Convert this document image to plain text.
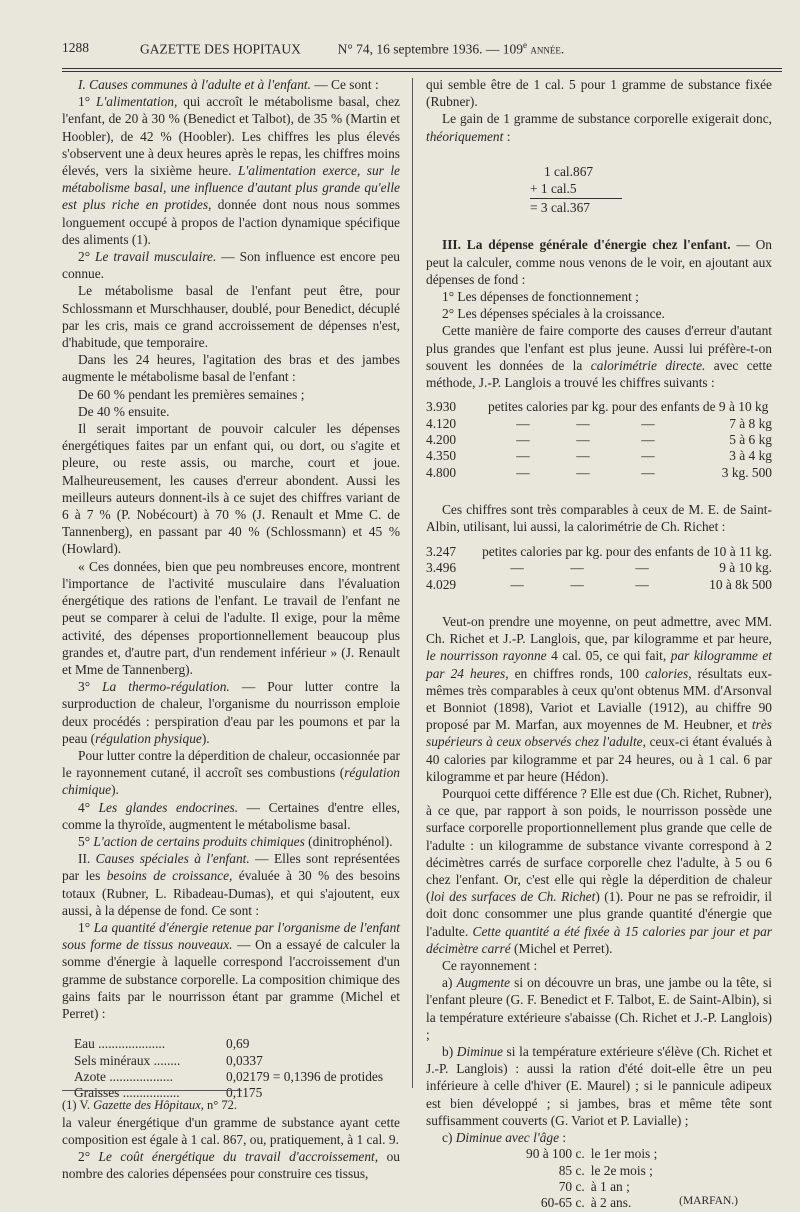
1288	GAZETTE DES HOPITAUX	N° 74, 16 septembre 1936. — 109e année.

I. Causes communes à l'adulte et à l'enfant. — Ce sont :

1° L'alimentation, qui accroît le métabolisme basal, chez l'enfant, de 20 à 30 % (Benedict et Talbot), de 35 % (Martin et Hoobler), de 42 % (Hoobler). Les chiffres les plus élevés s'observent une à deux heures après le repas, les chiffres moins élevés, vers la sixième heure. L'alimentation exerce, sur le métabolisme basal, une influence d'autant plus grande qu'elle est plus riche en protides, donnée dont nous nous sommes longuement occupé à propos de l'action dynamique spécifique des aliments (1).

2° Le travail musculaire. — Son influence est encore peu connue.

Le métabolisme basal de l'enfant peut être, pour Schlossmann et Murschhauser, doublé, pour Benedict, décuplé par les cris, mais ce grand accroissement de dépenses n'est, d'habitude, que temporaire.

Dans les 24 heures, l'agitation des bras et des jambes augmente le métabolisme basal de l'enfant :

De 60 % pendant les premières semaines ;

De 40 % ensuite.

Il serait important de pouvoir calculer les dépenses énergétiques faites par un enfant qui, ou dort, ou s'agite et pleure, ou reste assis, ou marche, court et joue. Malheureusement, les causes d'erreur abondent. Aussi les meilleurs auteurs donnent-ils à ce sujet des chiffres variant de 6 à 7 % (P. Nobécourt) à 70 % (J. Renault et Mme C. de Tannenberg), en passant par 40 % (Schlossmann) et 45 % (Howlard).

« Ces données, bien que peu nombreuses encore, montrent l'importance de l'activité musculaire dans l'évaluation énergétique des rations de l'enfant. Le travail de l'enfant ne peut se comparer à celui de l'adulte. Il exige, pour la même activité, des dépenses proportionnellement beaucoup plus grandes et, d'autre part, d'un rendement inférieur » (J. Renault et Mme de Tannenberg).

3° La thermo-régulation. — Pour lutter contre la surproduction de chaleur, l'organisme du nourrisson emploie deux procédés : perspiration d'eau par les poumons et par la peau (régulation physique).

Pour lutter contre la déperdition de chaleur, occasionnée par le rayonnement cutané, il accroît ses combustions (régulation chimique).

4° Les glandes endocrines. — Certaines d'entre elles, comme la thyroïde, augmentent le métabolisme basal.

5° L'action de certains produits chimiques (dinitrophénol).

II. Causes spéciales à l'enfant. — Elles sont représentées par les besoins de croissance, évaluée à 30 % des besoins totaux (Rubner, L. Ribadeau-Dumas), et qui s'ajoutent, eux aussi, à la dépense de fond. Ce sont :

1° La quantité d'énergie retenue par l'organisme de l'enfant sous forme de tissus nouveaux. — On a essayé de calculer la somme d'énergie à laquelle correspond l'accroissement d'un gramme de substance corporelle. La composition chimique des gains faits par le nourrisson étant par gramme (Michel et Perret) :

Eau ....................	0,69
Sels minéraux ........	0,0337
Azote ...................	0,02179 = 0,1396 de protides
Graisses .................	0,1175

la valeur énergétique d'un gramme de substance ayant cette composition est égale à 1 cal. 867, ou, pratiquement, à 1 cal. 9.

2° Le coût énergétique du travail d'accroissement, ou nombre des calories dépensées pour construire ces tissus,

(1) V. Gazette des Hôpitaux, n° 72.

qui semble être de 1 cal. 5 pour 1 gramme de substance fixée (Rubner).

Le gain de 1 gramme de substance corporelle exigerait donc, théoriquement :

1 cal.867
+ 1 cal.5
= 3 cal.367

III. La dépense générale d'énergie chez l'enfant. — On peut la calculer, comme nous venons de le voir, en ajoutant aux dépenses de fond :

1° Les dépenses de fonctionnement ;

2° Les dépenses spéciales à la croissance.

Cette manière de faire comporte des causes d'erreur d'autant plus grandes que l'enfant est plus jeune. Aussi lui préfère-t-on souvent les données de la calorimétrie directe. avec cette méthode, J.-P. Langlois a trouvé les chiffres suivants :

3.930	petites calories par kg. pour des enfants de 9 à 10 kg			
4.120	—	—	—	7 à 8 kg
4.200	—	—	—	5 à 6 kg
4.350	—	—	—	3 à 4 kg
4.800	—	—	—	3 kg. 500

Ces chiffres sont très comparables à ceux de M. E. de Saint-Albin, utilisant, lui aussi, la calorimétrie de Ch. Richet :

3.247	petites calories par kg. pour des enfants de 10 à 11 kg.			
3.496	—	—	—	9 à 10 kg.
4.029	—	—	—	10 à 8k 500

Veut-on prendre une moyenne, on peut admettre, avec MM. Ch. Richet et J.-P. Langlois, que, par kilogramme et par heure, le nourrisson rayonne 4 cal. 05, ce qui fait, par kilogramme et par 24 heures, en chiffres ronds, 100 calories, résultats eux-mêmes très comparables à ceux qu'ont obtenus MM. d'Arsonval et Bonniot (1898), Variot et Lavialle (1912), au chiffre 90 proposé par M. Marfan, aux moyennes de M. Heubner, et très supérieurs à ceux observés chez l'adulte, ceux-ci étant évalués à 40 calories par kilogramme et par 24 heures, ou à 1 cal. 6 par kilogramme et par heure (Hédon).

Pourquoi cette différence ? Elle est due (Ch. Richet, Rubner), à ce que, par rapport à son poids, le nourrisson possède une surface corporelle proportionnellement plus grande que celle de l'adulte : un kilogramme de substance vivante correspond à 2 décimètres carrés de surface corporelle chez l'adulte, à 5 ou 6 chez l'enfant. Or, c'est elle qui règle la déperdition de chaleur (loi des surfaces de Ch. Richet) (1). Pour ne pas se refroidir, il doit donc consommer une plus grande quantité d'énergie que l'adulte. Cette quantité a été fixée à 15 calories par jour et par décimètre carré (Michel et Perret).

Ce rayonnement :

a) Augmente si on découvre un bras, une jambe ou la tête, si l'enfant pleure (G. F. Benedict et F. Talbot, E. de Saint-Albin), si la température extérieure s'abaisse (Ch. Richet et J.-P. Langlois) ;

b) Diminue si la température extérieure s'élève (Ch. Richet et J.-P. Langlois) : aussi la ration d'été doit-elle être un peu inférieure à celle d'hiver (E. Maurel) ; si le pannicule adipeux est bien développé ; si jambes, bras et même tête sont suffisamment couverts (G. Variot et P. Lavialle) ;

c) Diminue avec l'âge :

90 à 100 c.	le 1er mois ;
85 c.	le 2e mois ;
70 c.	à 1 an ;
60-65 c.	à 2 ans.	(MARFAN.)
